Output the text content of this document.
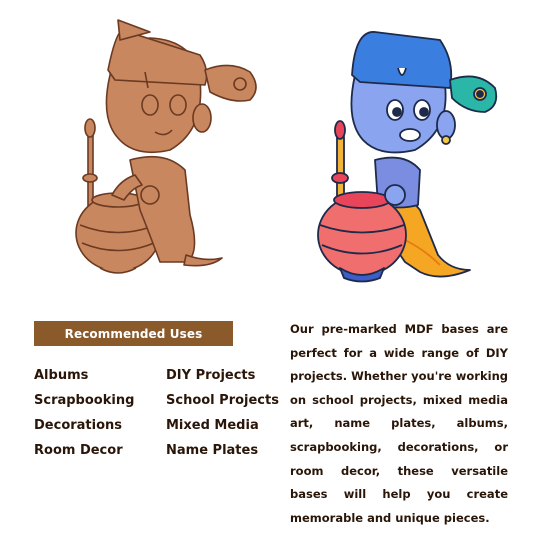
Recommended Uses
Albums
Scrapbooking
Decorations
Room Decor
DIY Projects
School Projects
Mixed Media
Name Plates
Our pre-marked MDF bases are perfect for a wide range of DIY projects. Whether you're working on school projects, mixed media art, name plates, albums, scrapbooking, decorations, or room decor, these versatile bases will help you create memorable and unique pieces.
